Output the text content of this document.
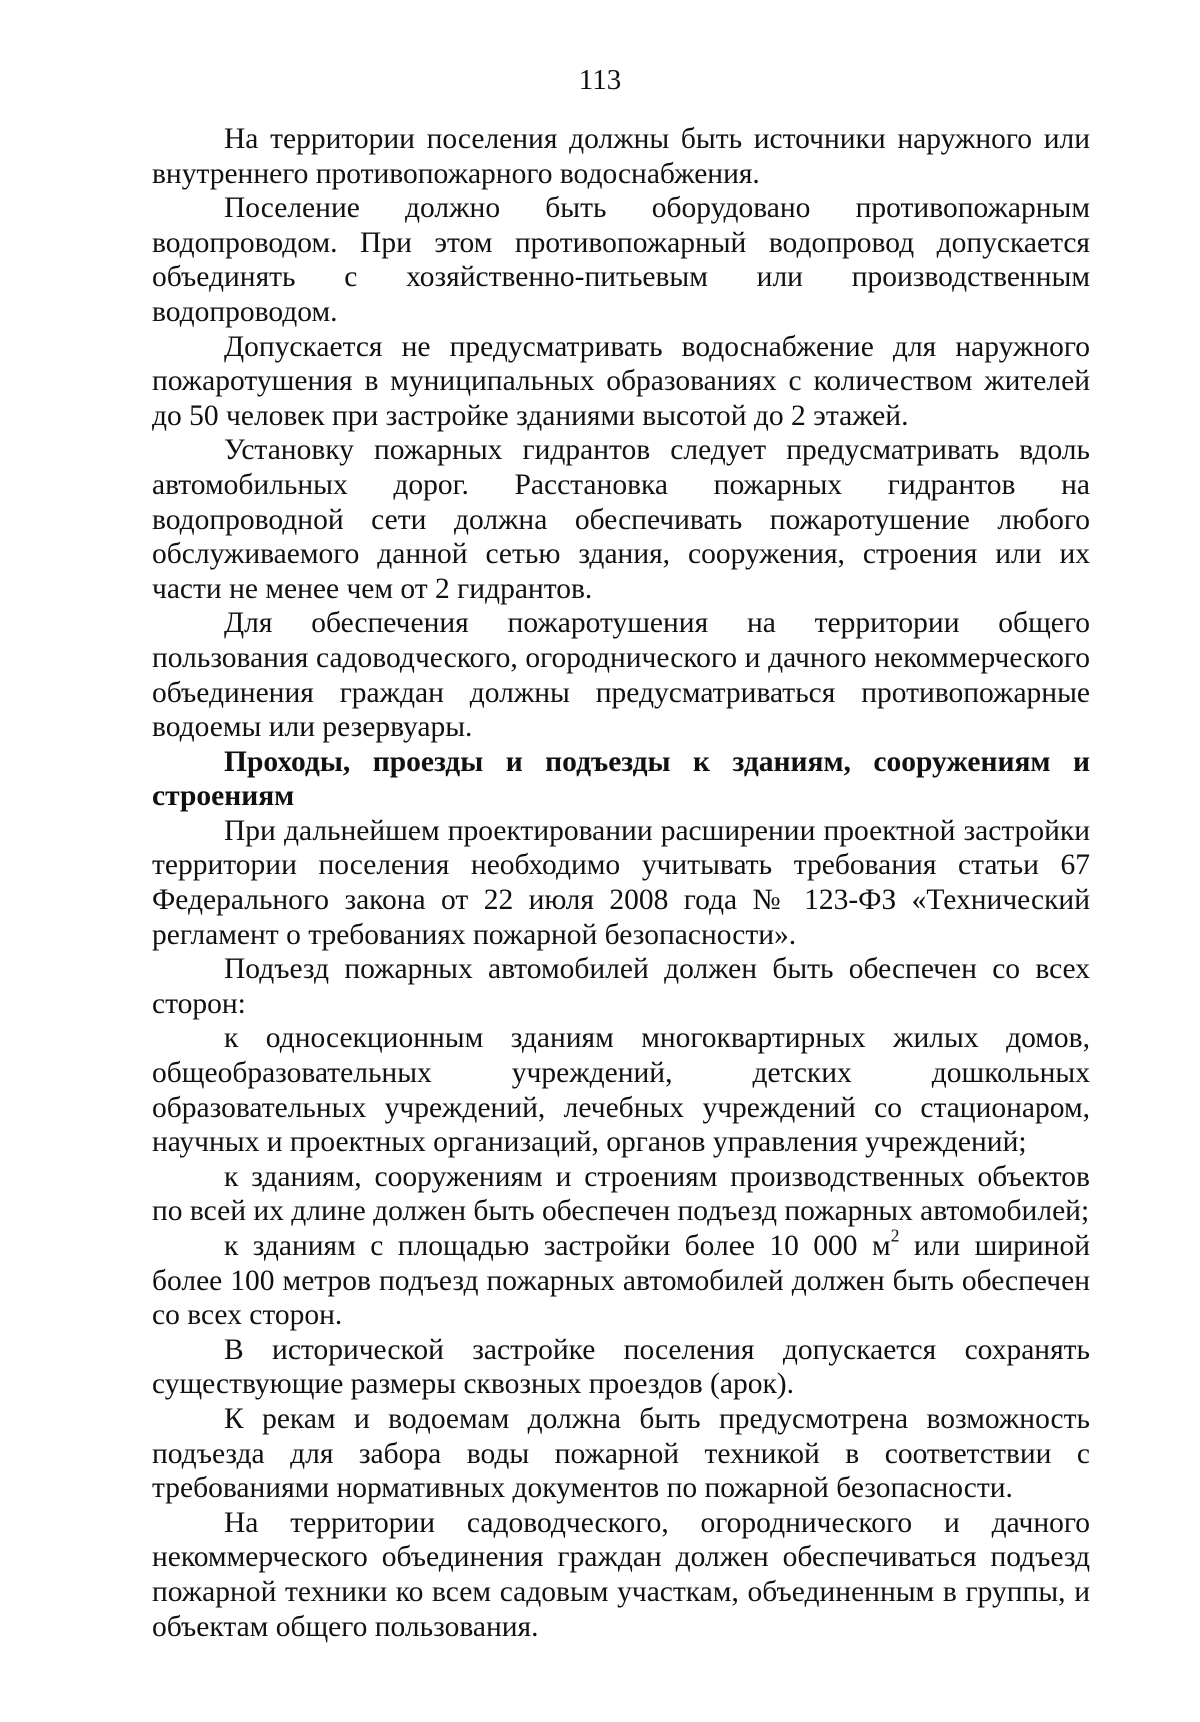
113

На территории поселения должны быть источники наружного или внутреннего противопожарного водоснабжения.

Поселение должно быть оборудовано противопожарным водопроводом. При этом противопожарный водопровод допускается объединять с хозяйственно-питьевым или производственным водопроводом.

Допускается не предусматривать водоснабжение для наружного пожаротушения в муниципальных образованиях с количеством жителей до 50 человек при застройке зданиями высотой до 2 этажей.

Установку пожарных гидрантов следует предусматривать вдоль автомобильных дорог. Расстановка пожарных гидрантов на водопроводной сети должна обеспечивать пожаротушение любого обслуживаемого данной сетью здания, сооружения, строения или их части не менее чем от 2 гидрантов.

Для обеспечения пожаротушения на территории общего пользования садоводческого, огороднического и дачного некоммерческого объединения граждан должны предусматриваться противопожарные водоемы или резервуары.

Проходы, проезды и подъезды к зданиям, сооружениям и строениям

При дальнейшем проектировании расширении проектной застройки территории поселения необходимо учитывать требования статьи 67 Федерального закона от 22 июля 2008 года № 123-ФЗ «Технический регламент о требованиях пожарной безопасности».

Подъезд пожарных автомобилей должен быть обеспечен со всех сторон:

к односекционным зданиям многоквартирных жилых домов, общеобразовательных учреждений, детских дошкольных образовательных учреждений, лечебных учреждений со стационаром, научных и проектных организаций, органов управления учреждений;

к зданиям, сооружениям и строениям производственных объектов по всей их длине должен быть обеспечен подъезд пожарных автомобилей;

к зданиям с площадью застройки более 10 000 $м^2$ или шириной более 100 метров подъезд пожарных автомобилей должен быть обеспечен со всех сторон.

В исторической застройке поселения допускается сохранять существующие размеры сквозных проездов (арок).

К рекам и водоемам должна быть предусмотрена возможность подъезда для забора воды пожарной техникой в соответствии с требованиями нормативных документов по пожарной безопасности.

На территории садоводческого, огороднического и дачного некоммерческого объединения граждан должен обеспечиваться подъезд пожарной техники ко всем садовым участкам, объединенным в группы, и объектам общего пользования.
